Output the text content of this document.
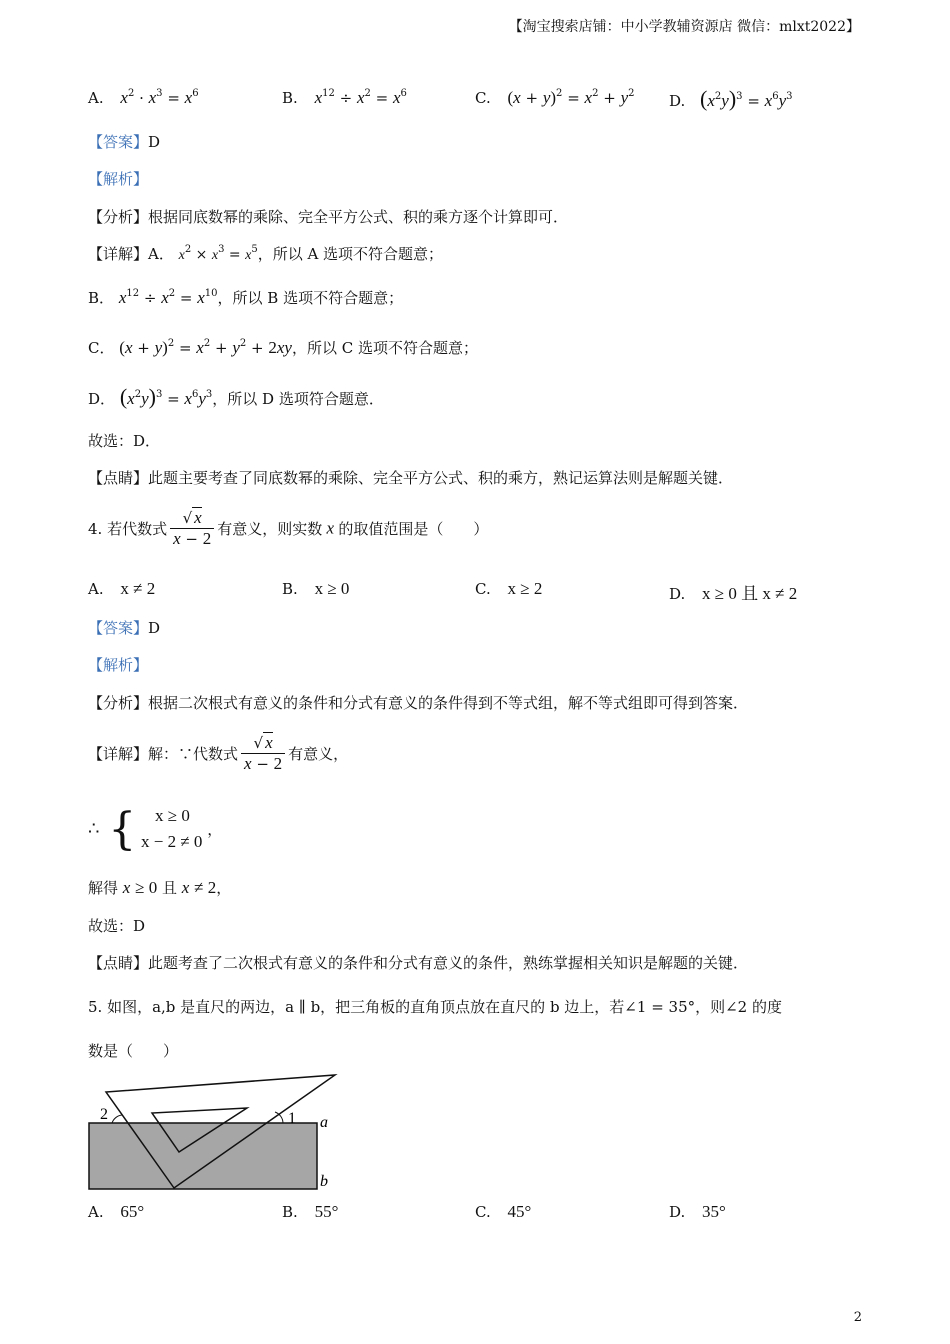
【淘宝搜索店铺：中小学教辅资源店 微信：mlxt2022】
A. $x^2 \cdot x^3 = x^6$	B. $x^{12} \div x^2 = x^6$	C. $(x + y)^2 = x^2 + y^2$ D. $(x^2y)^3 = x^6y^3$
【答案】D
【解析】
【分析】根据同底数幂的乘除、完全平方公式、积的乘方逐个计算即可．
【详解】A． $x^2 \times x^3 = x^5$，所以 A 选项不符合题意；
B． $x^{12} \div x^2 = x^{10}$，所以 B 选项不符合题意；
C． $(x + y)^2 = x^2 + y^2 + 2xy$，所以 C 选项不符合题意；
D． $(x^2y)^3 = x^6y^3$，所以 D 选项符合题意．
故选：D．
【点睛】此题主要考查了同底数幂的乘除、完全平方公式、积的乘方，熟记运算法则是解题关键．
4. 若代数式 $\frac{√ x}{x - 2}$ 有意义，则实数 x 的取值范围是（　　）
A. x ≠ 2	B. x ≥ 0	C. x ≥ 2	D. x ≥ 0 且 x ≠ 2
【答案】D
【解析】
【分析】根据二次根式有意义的条件和分式有意义的条件得到不等式组，解不等式组即可得到答案．
【详解】解：∵代数式 $\frac{√ x}{x - 2}$ 有意义，
∴ {	x ≥ 0
x − 2 ≠ 0
，
解得 x ≥ 0 且 x ≠ 2，
故选：D
【点睛】此题考查了二次根式有意义的条件和分式有意义的条件，熟练掌握相关知识是解题的关键．
5. 如图，a,b 是直尺的两边，a ∥ b，把三角板的直角顶点放在直尺的 b 边上，若∠1 = 35°，则∠2 的度
数是（　　）
2	1 a
b
A. 65°	B. 55°	C. 45°	D. 35°
2
